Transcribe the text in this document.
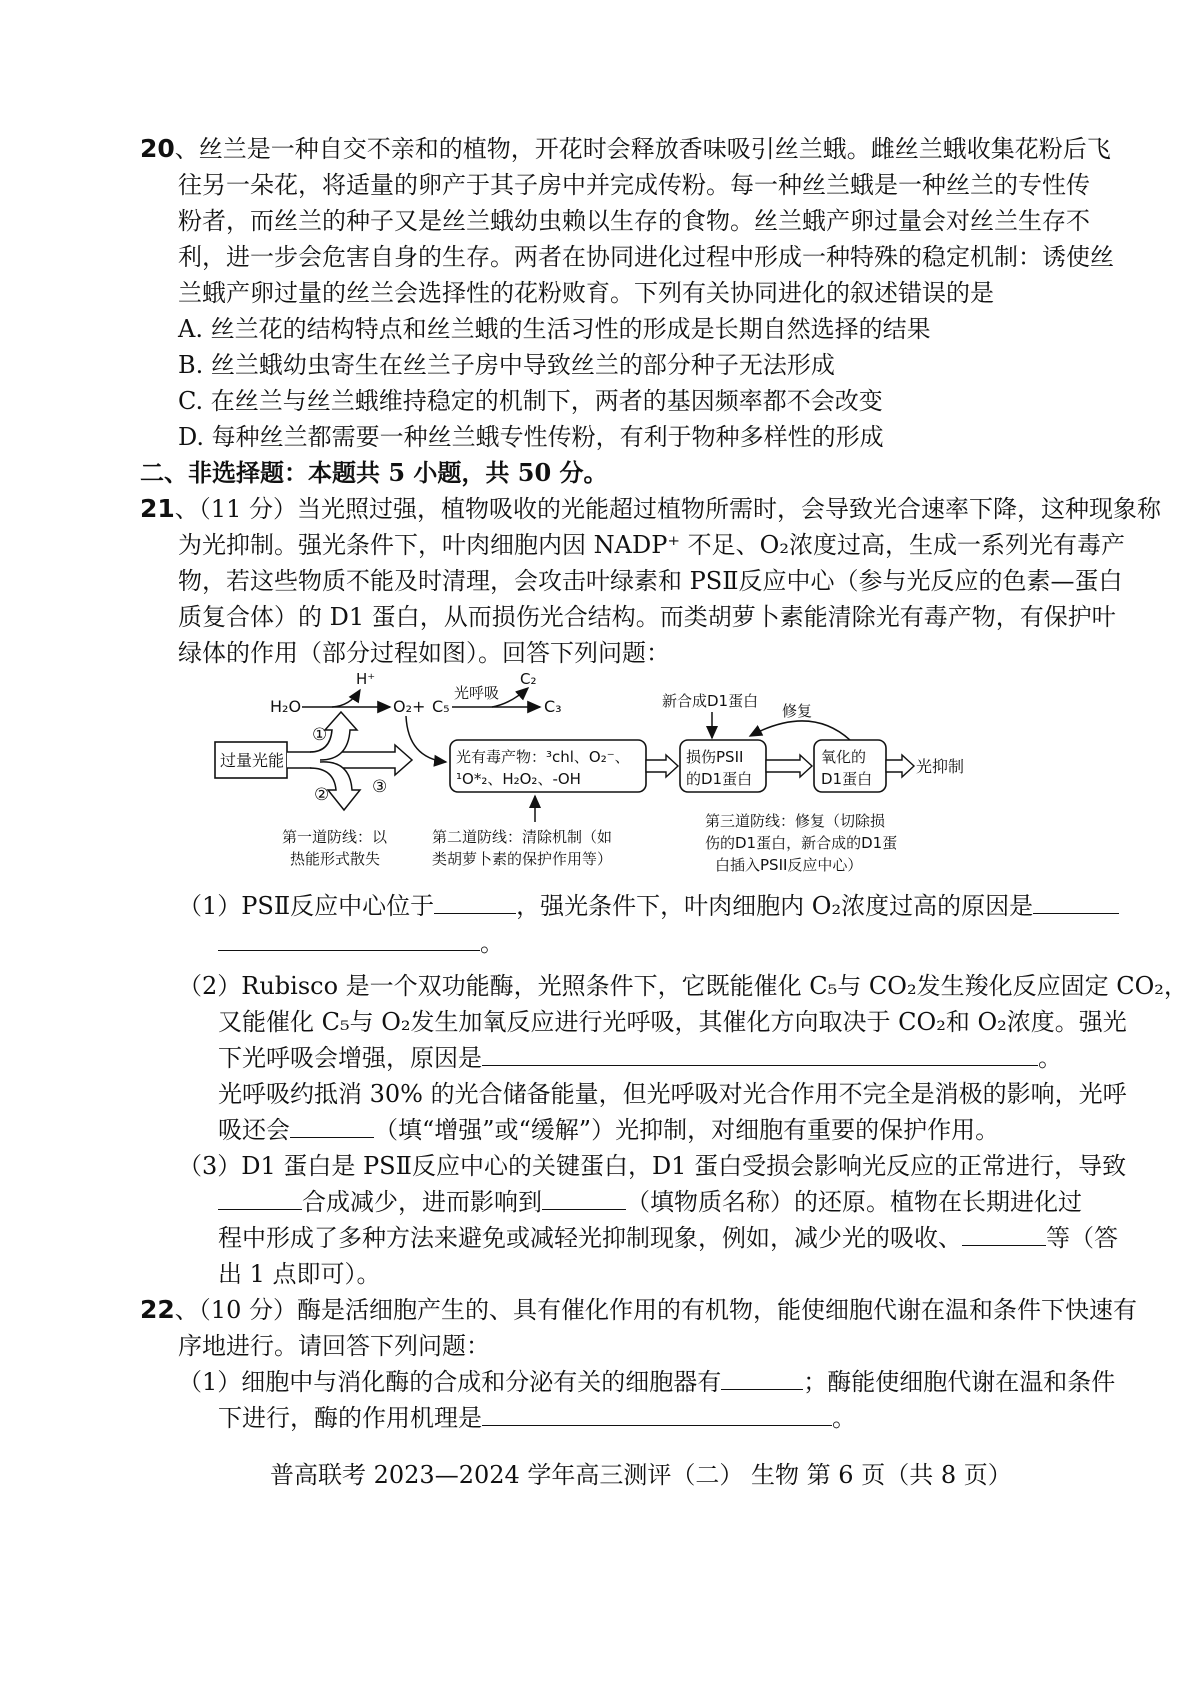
20、丝兰是一种自交不亲和的植物，开花时会释放香味吸引丝兰蛾。雌丝兰蛾收集花粉后飞
往另一朵花，将适量的卵产于其子房中并完成传粉。每一种丝兰蛾是一种丝兰的专性传
粉者，而丝兰的种子又是丝兰蛾幼虫赖以生存的食物。丝兰蛾产卵过量会对丝兰生存不
利，进一步会危害自身的生存。两者在协同进化过程中形成一种特殊的稳定机制：诱使丝
兰蛾产卵过量的丝兰会选择性的花粉败育。下列有关协同进化的叙述错误的是
A. 丝兰花的结构特点和丝兰蛾的生活习性的形成是长期自然选择的结果
B. 丝兰蛾幼虫寄生在丝兰子房中导致丝兰的部分种子无法形成
C. 在丝兰与丝兰蛾维持稳定的机制下，两者的基因频率都不会改变
D. 每种丝兰都需要一种丝兰蛾专性传粉，有利于物种多样性的形成
二、非选择题：本题共 5 小题，共 50 分。
21、（11 分）当光照过强，植物吸收的光能超过植物所需时，会导致光合速率下降，这种现象称
为光抑制。强光条件下，叶肉细胞内因 NADP⁺ 不足、O₂浓度过高，生成一系列光有毒产
物，若这些物质不能及时清理，会攻击叶绿素和 PSⅡ反应中心（参与光反应的色素—蛋白
质复合体）的 D1 蛋白，从而损伤光合结构。而类胡萝卜素能清除光有毒产物，有保护叶
绿体的作用（部分过程如图）。回答下列问题：
H₂O
H⁺
O₂+ C₅
光呼吸
C₂
C₃
过量光能
①
②	③
光有毒产物：³chl、O₂⁻、
¹O*₂、H₂O₂、-OH
损伤PSII
的D1蛋白
氧化的
D1蛋白
光抑制
新合成D1蛋白
修复
第一道防线：以
热能形式散失
第二道防线：清除机制（如
类胡萝卜素的保护作用等）
第三道防线：修复（切除损
伤的D1蛋白，新合成的D1蛋
白插入PSII反应中心）
（1）PSⅡ反应中心位于	，强光条件下，叶肉细胞内 O₂浓度过高的原因是
。
（2）Rubisco 是一个双功能酶，光照条件下，它既能催化 C₅与 CO₂发生羧化反应固定 CO₂，
又能催化 C₅与 O₂发生加氧反应进行光呼吸，其催化方向取决于 CO₂和 O₂浓度。强光
下光呼吸会增强，原因是	。
光呼吸约抵消 30% 的光合储备能量，但光呼吸对光合作用不完全是消极的影响，光呼
吸还会	（填“增强”或“缓解”）光抑制，对细胞有重要的保护作用。
（3）D1 蛋白是 PSⅡ反应中心的关键蛋白，D1 蛋白受损会影响光反应的正常进行，导致
合成减少，进而影响到	（填物质名称）的还原。植物在长期进化过
程中形成了多种方法来避免或减轻光抑制现象，例如，减少光的吸收、	等（答
出 1 点即可）。
22、（10 分）酶是活细胞产生的、具有催化作用的有机物，能使细胞代谢在温和条件下快速有
序地进行。请回答下列问题：
（1）细胞中与消化酶的合成和分泌有关的细胞器有	；酶能使细胞代谢在温和条件
下进行，酶的作用机理是	。
普高联考 2023—2024 学年高三测评（二） 生物 第 6 页（共 8 页）
